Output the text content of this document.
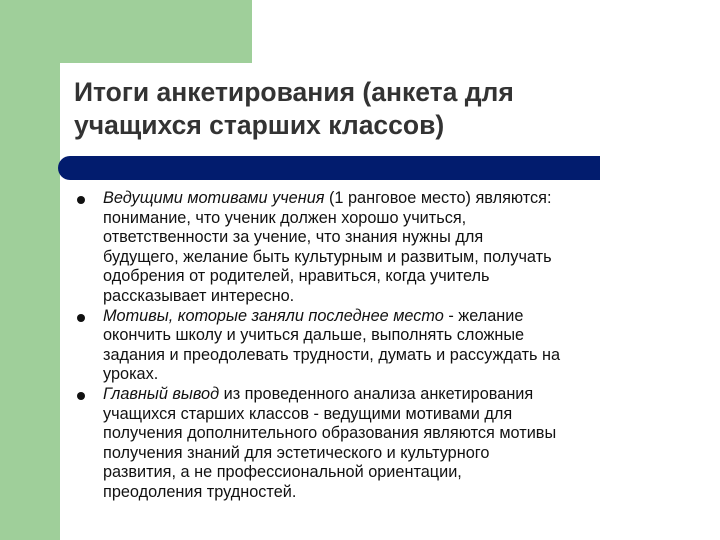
Итоги анкетирования (анкета для
учащихся старших классов)
Ведущими мотивами учения (1 ранговое место) являются:
понимание, что ученик должен хорошо учиться,
ответственности за учение, что знания нужны для
будущего, желание быть культурным и развитым, получать
одобрения от родителей, нравиться, когда учитель
рассказывает интересно.
Мотивы, которые заняли последнее место - желание
окончить школу и учиться дальше, выполнять сложные
задания и преодолевать трудности, думать и рассуждать на
уроках.
Главный вывод из проведенного анализа анкетирования
учащихся старших классов - ведущими мотивами для
получения дополнительного образования являются мотивы
получения знаний для эстетического и культурного
развития, а не профессиональной ориентации,
преодоления трудностей.
